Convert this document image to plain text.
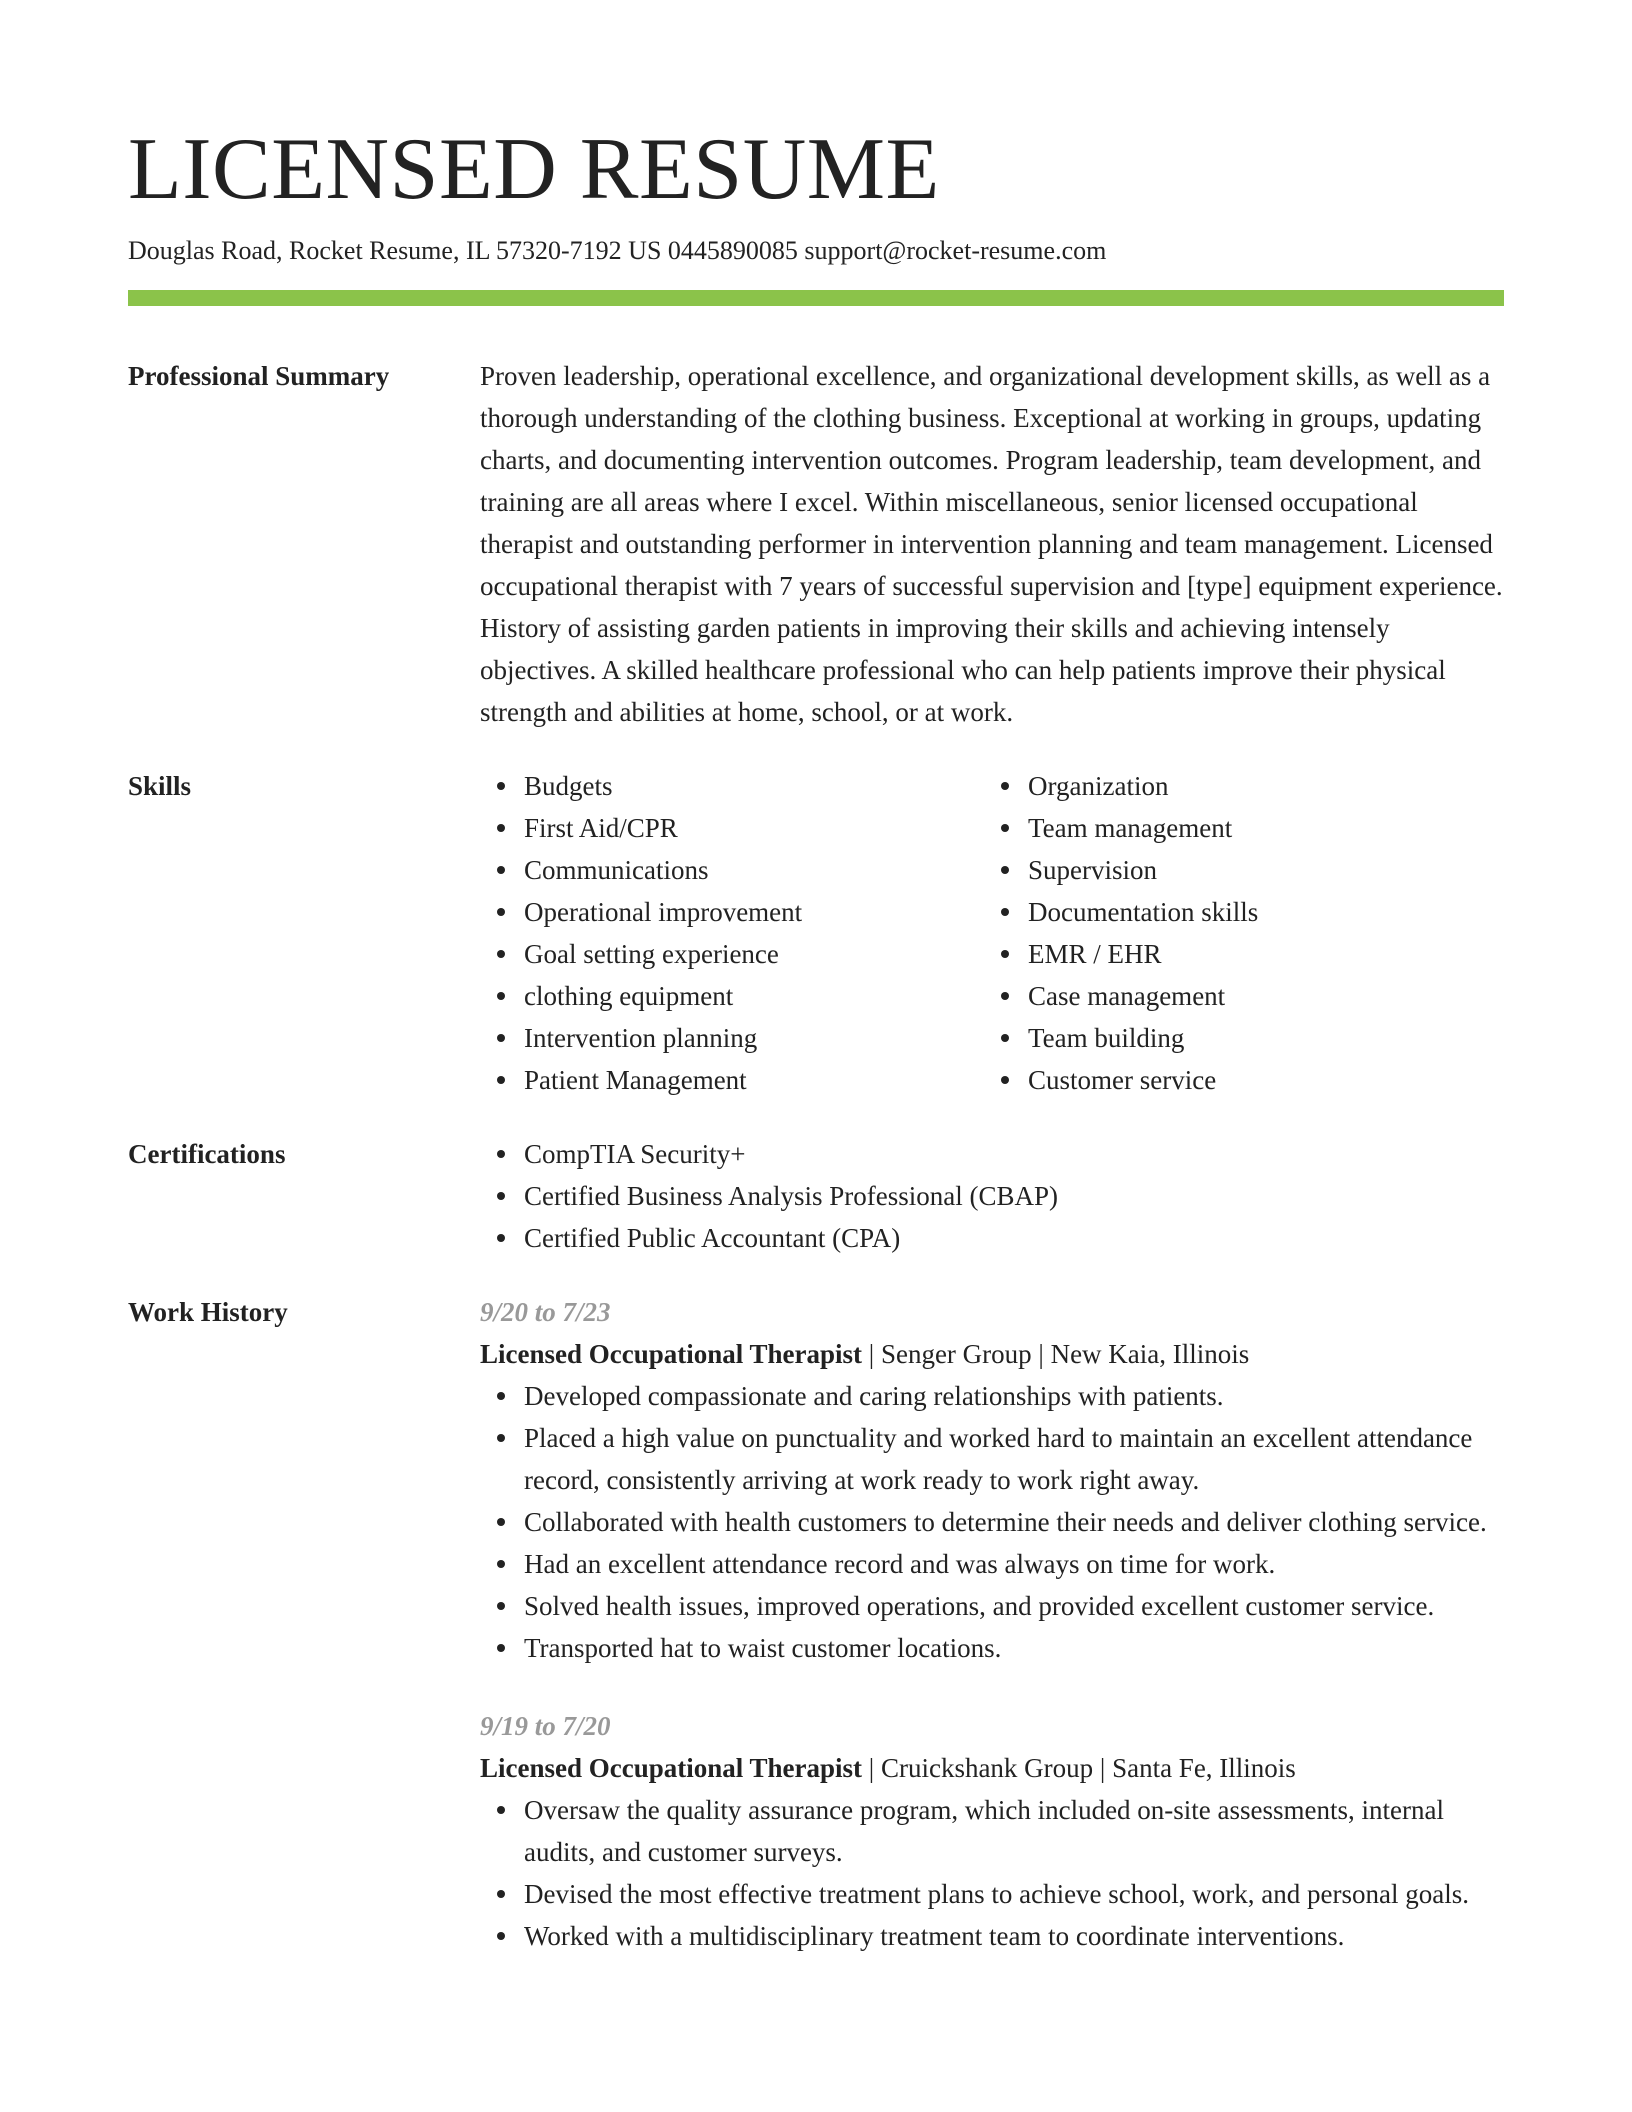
LICENSED RESUME
Douglas Road, Rocket Resume, IL 57320-7192 US 0445890085 support@rocket-resume.com
Professional Summary	Proven leadership, operational excellence, and organizational development skills, as well as a thorough understanding of the clothing business. Exceptional at working in groups, updating charts, and documenting intervention outcomes. Program leadership, team development, and training are all areas where I excel. Within miscellaneous, senior licensed occupational therapist and outstanding performer in intervention planning and team management. Licensed occupational therapist with 7 years of successful supervision and [type] equipment experience. History of assisting garden patients in improving their skills and achieving intensely objectives. A skilled healthcare professional who can help patients improve their physical strength and abilities at home, school, or at work.
Skills	Budgets
First Aid/CPR
Communications
Operational improvement
Goal setting experience
clothing equipment
Intervention planning
Patient Management
Organization
Team management
Supervision
Documentation skills
EMR / EHR
Case management
Team building
Customer service
Certifications	CompTIA Security+
Certified Business Analysis Professional (CBAP)
Certified Public Accountant (CPA)
Work History	9/20 to 7/23
Licensed Occupational Therapist | Senger Group | New Kaia, Illinois
Developed compassionate and caring relationships with patients.
Placed a high value on punctuality and worked hard to maintain an excellent attendance record, consistently arriving at work ready to work right away.
Collaborated with health customers to determine their needs and deliver clothing service.
Had an excellent attendance record and was always on time for work.
Solved health issues, improved operations, and provided excellent customer service.
Transported hat to waist customer locations.
9/19 to 7/20
Licensed Occupational Therapist | Cruickshank Group | Santa Fe, Illinois
Oversaw the quality assurance program, which included on-site assessments, internal audits, and customer surveys.
Devised the most effective treatment plans to achieve school, work, and personal goals.
Worked with a multidisciplinary treatment team to coordinate interventions.
